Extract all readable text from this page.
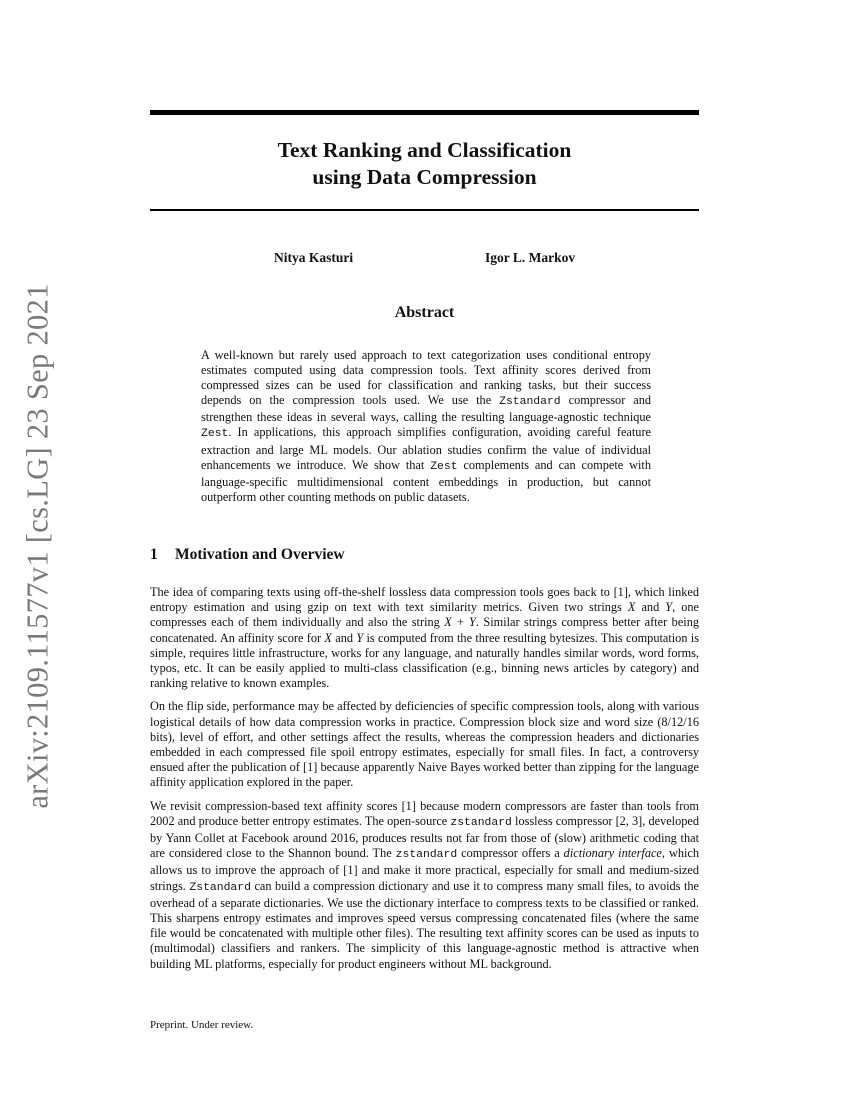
arXiv:2109.11577v1 [cs.LG] 23 Sep 2021
Text Ranking and Classification
using Data Compression
Nitya Kasturi	Igor L. Markov
Abstract

A well-known but rarely used approach to text categorization uses conditional entropy estimates computed using data compression tools. Text affinity scores derived from compressed sizes can be used for classification and ranking tasks, but their success depends on the compression tools used. We use the Zstandard compressor and strengthen these ideas in several ways, calling the resulting language-agnostic technique Zest. In applications, this approach simplifies configuration, avoiding careful feature extraction and large ML models. Our ablation studies confirm the value of individual enhancements we introduce. We show that Zest complements and can compete with language-specific multidimensional content embeddings in production, but cannot outperform other counting methods on public datasets.

1 Motivation and Overview

The idea of comparing texts using off-the-shelf lossless data compression tools goes back to [1], which linked entropy estimation and using gzip on text with text similarity metrics. Given two strings X and Y, one compresses each of them individually and also the string X + Y. Similar strings compress better after being concatenated. An affinity score for X and Y is computed from the three resulting bytesizes. This computation is simple, requires little infrastructure, works for any language, and naturally handles similar words, word forms, typos, etc. It can be easily applied to multi-class classification (e.g., binning news articles by category) and ranking relative to known examples.

On the flip side, performance may be affected by deficiencies of specific compression tools, along with various logistical details of how data compression works in practice. Compression block size and word size (8/12/16 bits), level of effort, and other settings affect the results, whereas the compression headers and dictionaries embedded in each compressed file spoil entropy estimates, especially for small files. In fact, a controversy ensued after the publication of [1] because apparently Naive Bayes worked better than zipping for the language affinity application explored in the paper.

We revisit compression-based text affinity scores [1] because modern compressors are faster than tools from 2002 and produce better entropy estimates. The open-source zstandard lossless compressor [2, 3], developed by Yann Collet at Facebook around 2016, produces results not far from those of (slow) arithmetic coding that are considered close to the Shannon bound. The zstandard compressor offers a dictionary interface, which allows us to improve the approach of [1] and make it more practical, especially for small and medium-sized strings. Zstandard can build a compression dictionary and use it to compress many small files, to avoids the overhead of a separate dictionaries. We use the dictionary interface to compress texts to be classified or ranked. This sharpens entropy estimates and improves speed versus compressing concatenated files (where the same file would be concatenated with multiple other files). The resulting text affinity scores can be used as inputs to (multimodal) classifiers and rankers. The simplicity of this language-agnostic method is attractive when building ML platforms, especially for product engineers without ML background.

Preprint. Under review.
